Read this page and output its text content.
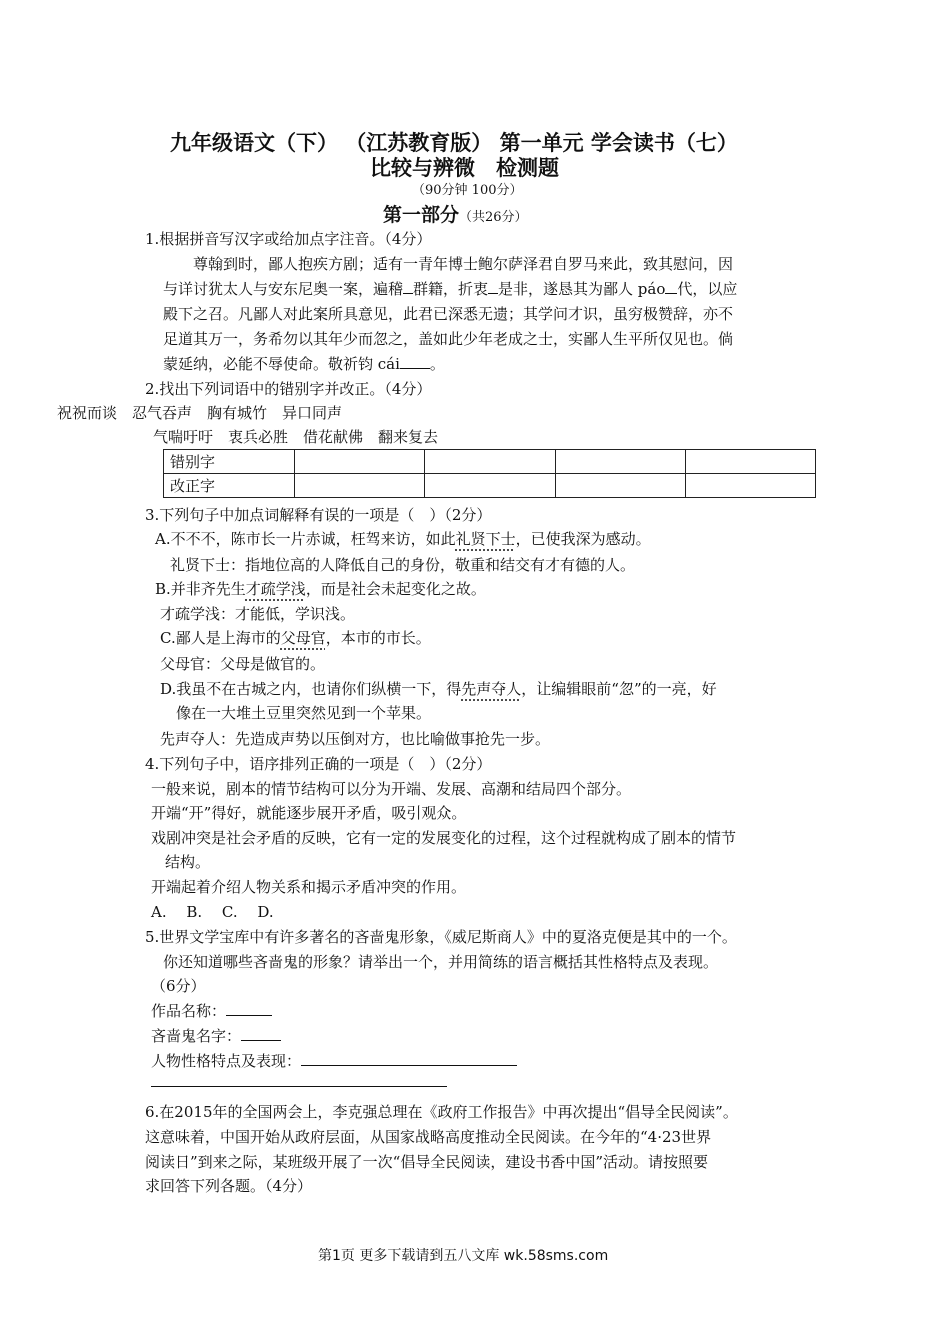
九年级语文（下） （江苏教育版） 第一单元 学会读书（七）
比较与辨微　检测题
（90分钟 100分）
第一部分（共26分）
1.根据拼音写汉字或给加点字注音。（4分）
尊翰到时，鄙人抱疾方剧；适有一青年博士鲍尔萨泽君自罗马来此，致其慰问，因
与详讨犹太人与安东尼奥一案，遍稽 群籍，折衷 是非，遂恳其为鄙人 páo 代，以应
殿下之召。凡鄙人对此案所具意见，此君已深悉无遗；其学问才识，虽穷极赞辞，亦不
足道其万一，务希勿以其年少而忽之，盖如此少年老成之士，实鄙人生平所仅见也。倘
蒙延纳，必能不辱使命。敬祈钧 cái 。
2.找出下列词语中的错别字并改正。（4分）
祝祝而谈　忍气吞声　胸有城竹　异口同声
气喘吁吁　衷兵必胜　借花献佛　翻来复去
错别字				
改正字				
3.下列句子中加点词解释有误的一项是（　）（2分）
A.不不不，陈市长一片赤诚，枉驾来访，如此礼贤下士，已使我深为感动。
礼贤下士：指地位高的人降低自己的身份，敬重和结交有才有德的人。
B.并非齐先生才疏学浅，而是社会未起变化之故。
才疏学浅：才能低，学识浅。
C.鄙人是上海市的父母官，本市的市长。
父母官：父母是做官的。
D.我虽不在古城之内，也请你们纵横一下，得先声夺人，让编辑眼前“忽”的一亮，好
像在一大堆土豆里突然见到一个苹果。
先声夺人：先造成声势以压倒对方，也比喻做事抢先一步。
4.下列句子中，语序排列正确的一项是（　）（2分）
一般来说，剧本的情节结构可以分为开端、发展、高潮和结局四个部分。
开端“开”得好，就能逐步展开矛盾，吸引观众。
戏剧冲突是社会矛盾的反映，它有一定的发展变化的过程，这个过程就构成了剧本的情节
结构。
开端起着介绍人物关系和揭示矛盾冲突的作用。
A.　 B.　 C.　 D.
5.世界文学宝库中有许多著名的吝啬鬼形象，《威尼斯商人》中的夏洛克便是其中的一个。
你还知道哪些吝啬鬼的形象？请举出一个，并用简练的语言概括其性格特点及表现。
（6分）
作品名称：
吝啬鬼名字：
人物性格特点及表现：
6.在2015年的全国两会上，李克强总理在《政府工作报告》中再次提出“倡导全民阅读”。
这意味着，中国开始从政府层面，从国家战略高度推动全民阅读。在今年的“4·23世界
阅读日”到来之际，某班级开展了一次“倡导全民阅读，建设书香中国”活动。请按照要
求回答下列各题。（4分）
第1页 更多下载请到五八文库 wk.58sms.com
